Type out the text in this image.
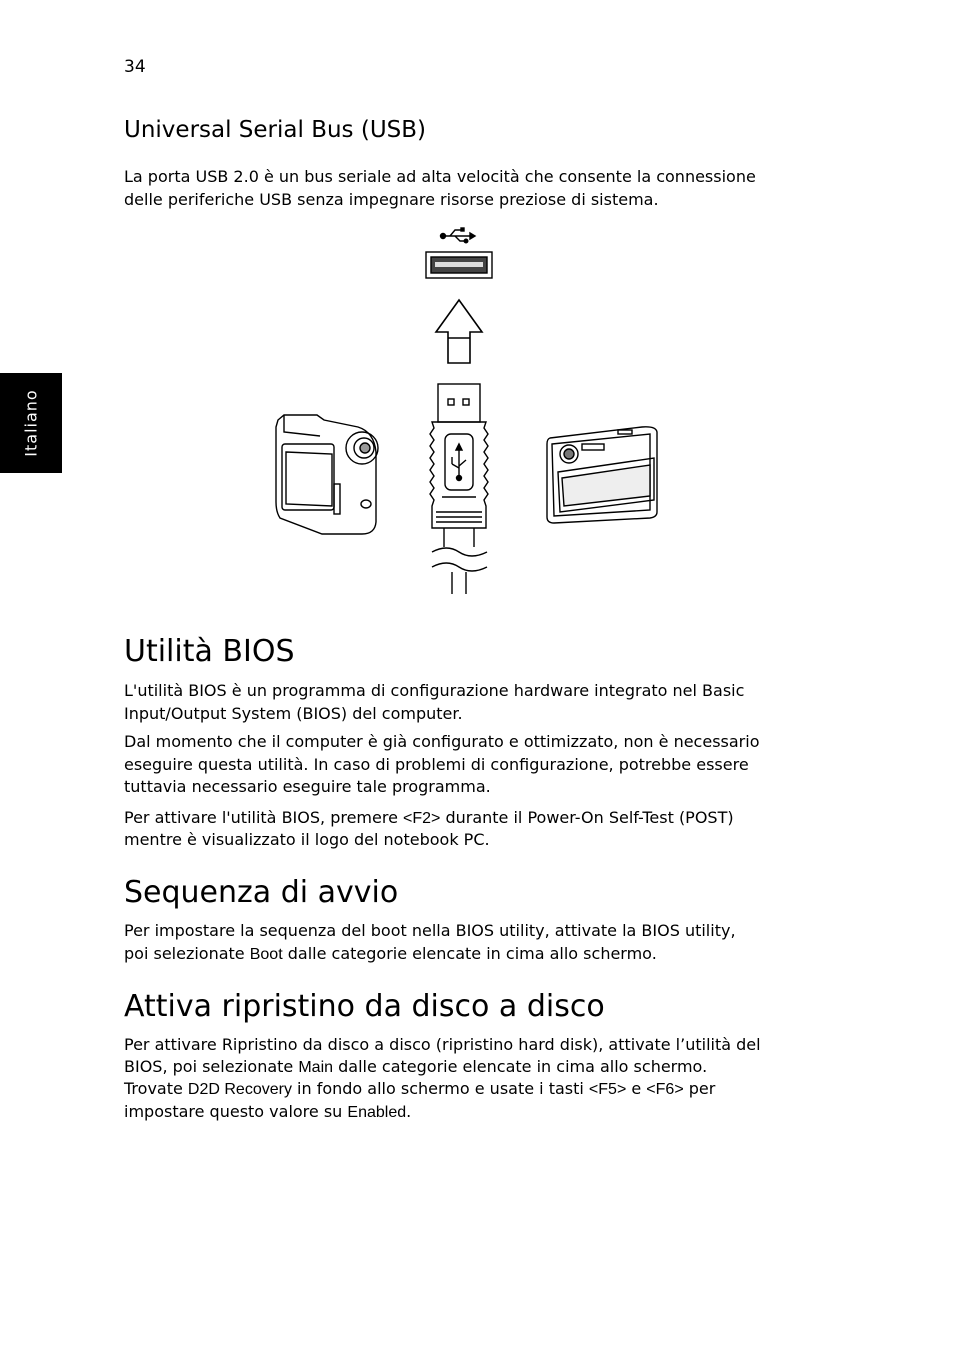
34
Italiano
Universal Serial Bus (USB)

La porta USB 2.0 è un bus seriale ad alta velocità che consente la connessione

delle periferiche USB senza impegnare risorse preziose di sistema.

Utilità BIOS

L'utilità BIOS è un programma di configurazione hardware integrato nel Basic

Input/Output System (BIOS) del computer.

Dal momento che il computer è già configurato e ottimizzato, non è necessario

eseguire questa utilità. In caso di problemi di configurazione, potrebbe essere

tuttavia necessario eseguire tale programma.

Per attivare l'utilità BIOS, premere <F2> durante il Power-On Self-Test (POST)

mentre è visualizzato il logo del notebook PC.

Sequenza di avvio

Per impostare la sequenza del boot nella BIOS utility, attivate la BIOS utility,

poi selezionate Boot dalle categorie elencate in cima allo schermo.

Attiva ripristino da disco a disco

Per attivare Ripristino da disco a disco (ripristino hard disk), attivate l’utilità del

BIOS, poi selezionate Main dalle categorie elencate in cima allo schermo.

Trovate D2D Recovery in fondo allo schermo e usate i tasti <F5> e <F6> per

impostare questo valore su Enabled.
